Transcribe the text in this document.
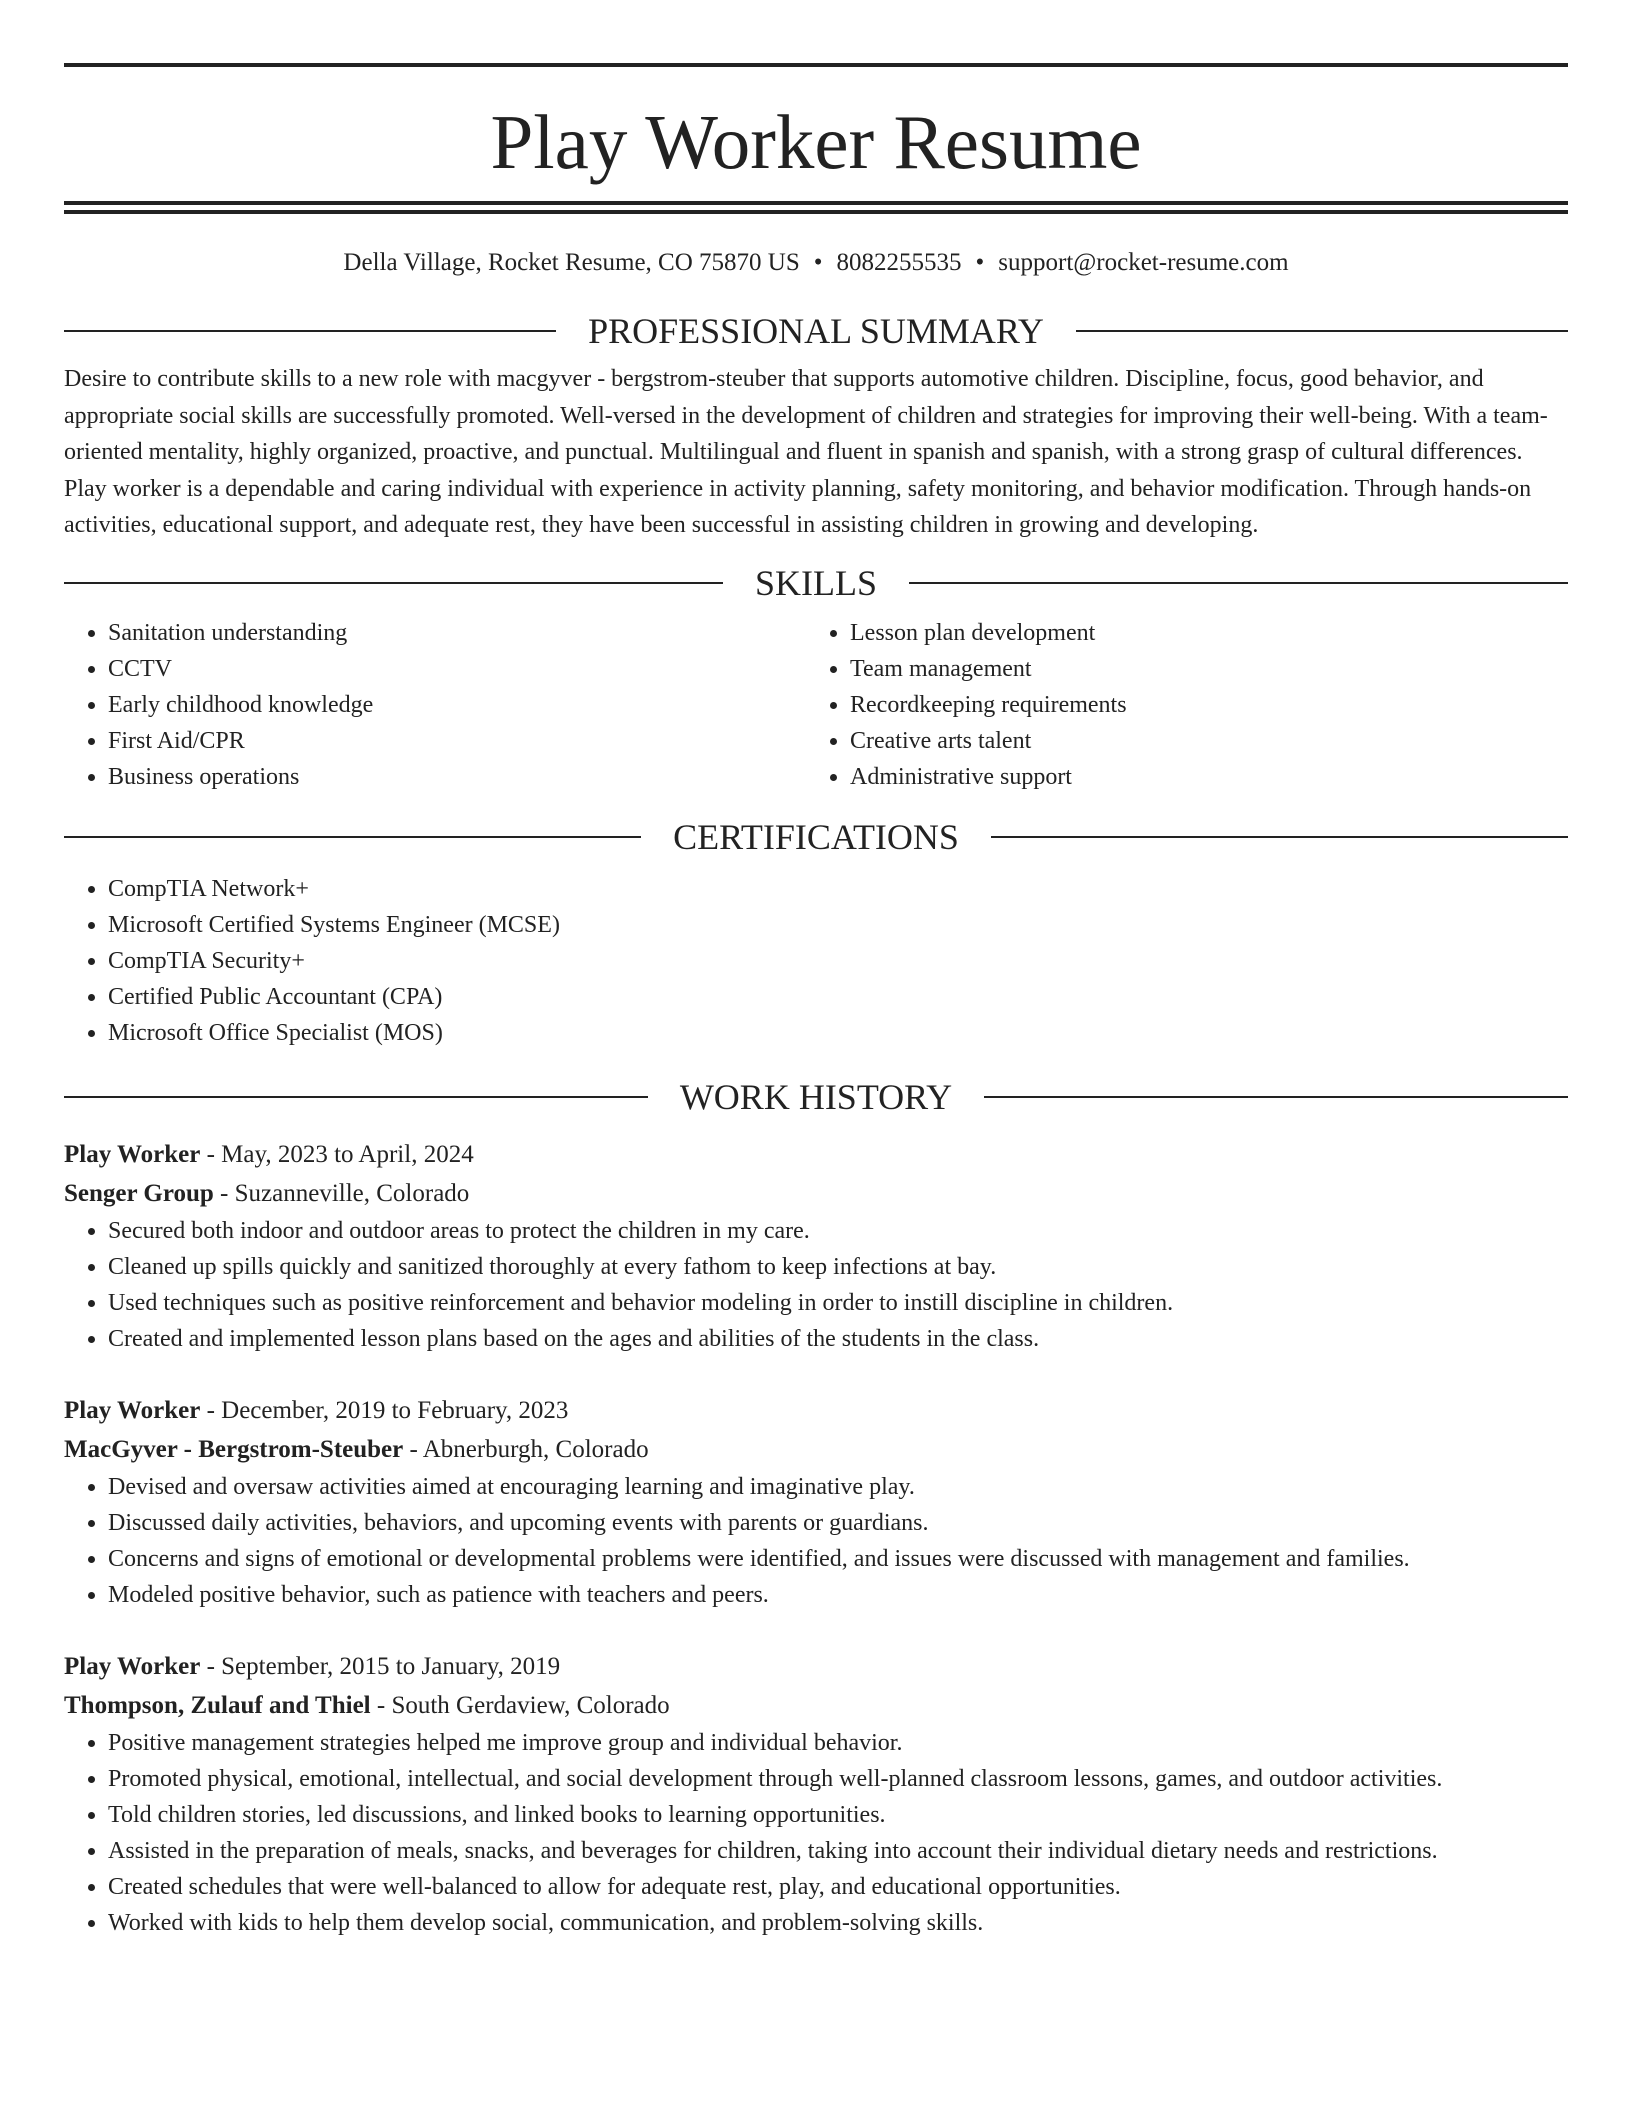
Play Worker Resume
Della Village, Rocket Resume, CO 75870 US • 8082255535 • support@rocket-resume.com
PROFESSIONAL SUMMARY
Desire to contribute skills to a new role with macgyver - bergstrom-steuber that supports automotive children. Discipline, focus, good behavior, and appropriate social skills are successfully promoted. Well-versed in the development of children and strategies for improving their well-being. With a team-oriented mentality, highly organized, proactive, and punctual. Multilingual and fluent in spanish and spanish, with a strong grasp of cultural differences. Play worker is a dependable and caring individual with experience in activity planning, safety monitoring, and behavior modification. Through hands-on activities, educational support, and adequate rest, they have been successful in assisting children in growing and developing.
SKILLS
• Sanitation understanding
• CCTV
• Early childhood knowledge
• First Aid/CPR
• Business operations
• Lesson plan development
• Team management
• Recordkeeping requirements
• Creative arts talent
• Administrative support
CERTIFICATIONS
• CompTIA Network+
• Microsoft Certified Systems Engineer (MCSE)
• CompTIA Security+
• Certified Public Accountant (CPA)
• Microsoft Office Specialist (MOS)
WORK HISTORY
Play Worker - May, 2023 to April, 2024
Senger Group - Suzanneville, Colorado
• Secured both indoor and outdoor areas to protect the children in my care.
• Cleaned up spills quickly and sanitized thoroughly at every fathom to keep infections at bay.
• Used techniques such as positive reinforcement and behavior modeling in order to instill discipline in children.
• Created and implemented lesson plans based on the ages and abilities of the students in the class.
Play Worker - December, 2019 to February, 2023
MacGyver - Bergstrom-Steuber - Abnerburgh, Colorado
• Devised and oversaw activities aimed at encouraging learning and imaginative play.
• Discussed daily activities, behaviors, and upcoming events with parents or guardians.
• Concerns and signs of emotional or developmental problems were identified, and issues were discussed with management and families.
• Modeled positive behavior, such as patience with teachers and peers.
Play Worker - September, 2015 to January, 2019
Thompson, Zulauf and Thiel - South Gerdaview, Colorado
• Positive management strategies helped me improve group and individual behavior.
• Promoted physical, emotional, intellectual, and social development through well-planned classroom lessons, games, and outdoor activities.
• Told children stories, led discussions, and linked books to learning opportunities.
• Assisted in the preparation of meals, snacks, and beverages for children, taking into account their individual dietary needs and restrictions.
• Created schedules that were well-balanced to allow for adequate rest, play, and educational opportunities.
• Worked with kids to help them develop social, communication, and problem-solving skills.
